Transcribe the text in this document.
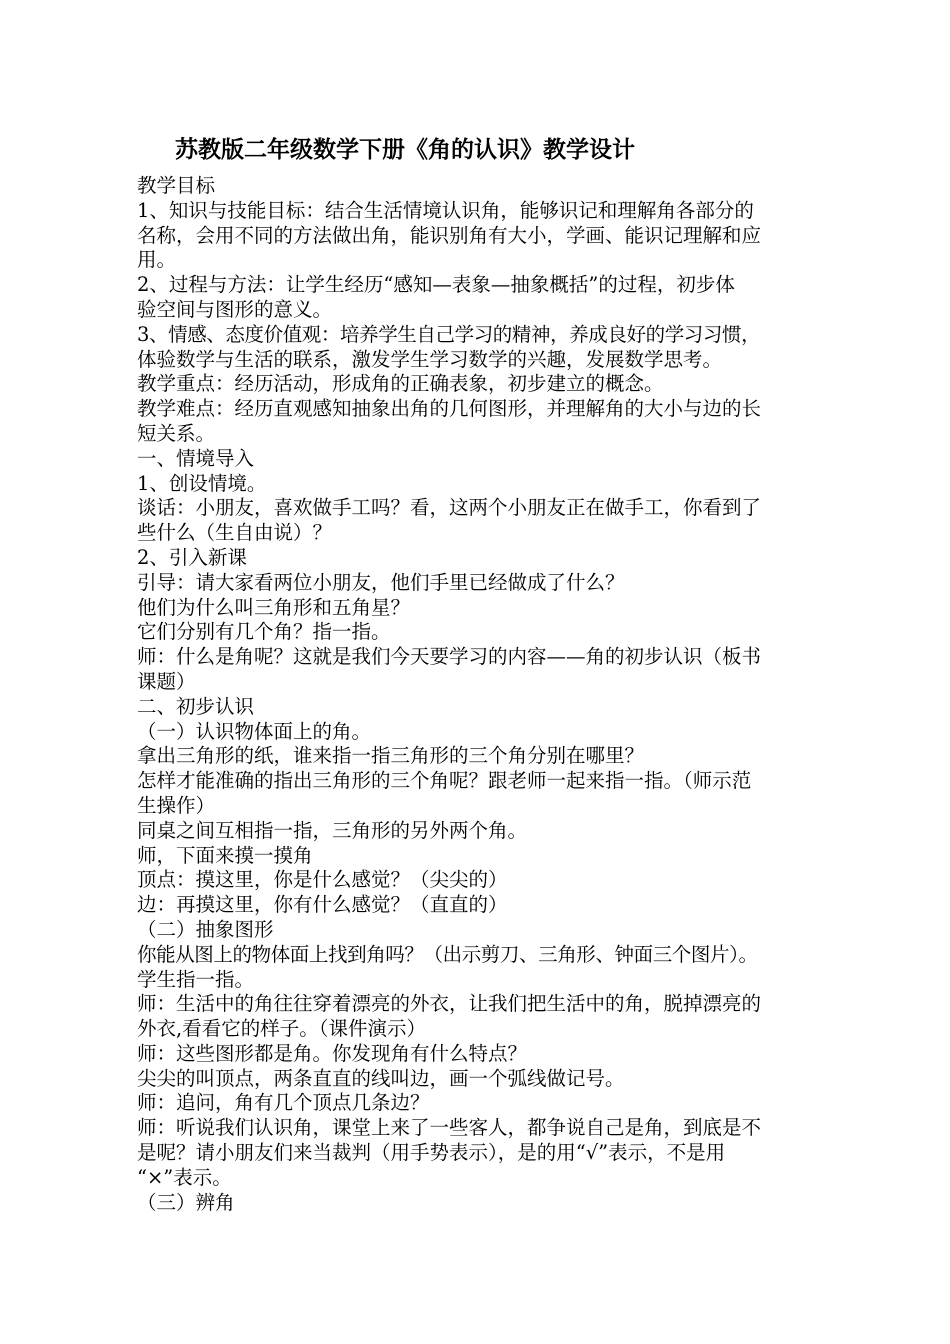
苏教版二年级数学下册《角的认识》教学设计
教学目标
1、知识与技能目标：结合生活情境认识角，能够识记和理解角各部分的
名称，会用不同的方法做出角，能识别角有大小，学画、能识记理解和应
用。
2、过程与方法：让学生经历“感知—表象—抽象概括”的过程，初步体
验空间与图形的意义。
3、情感、态度价值观：培养学生自己学习的精神，养成良好的学习习惯，
体验数学与生活的联系，激发学生学习数学的兴趣，发展数学思考。
教学重点：经历活动，形成角的正确表象，初步建立的概念。
教学难点：经历直观感知抽象出角的几何图形，并理解角的大小与边的长
短关系。
一、情境导入
1、创设情境。
谈话：小朋友，喜欢做手工吗？看，这两个小朋友正在做手工，你看到了
些什么（生自由说）？
2、引入新课
引导：请大家看两位小朋友，他们手里已经做成了什么？
他们为什么叫三角形和五角星？
它们分别有几个角？指一指。
师：什么是角呢？这就是我们今天要学习的内容——角的初步认识（板书
课题）
二、初步认识
（一）认识物体面上的角。
拿出三角形的纸，谁来指一指三角形的三个角分别在哪里？
怎样才能准确的指出三角形的三个角呢？跟老师一起来指一指。（师示范
生操作）
同桌之间互相指一指，三角形的另外两个角。
师，下面来摸一摸角
顶点：摸这里，你是什么感觉？（尖尖的）
边：再摸这里，你有什么感觉？（直直的）
（二）抽象图形
你能从图上的物体面上找到角吗？（出示剪刀、三角形、钟面三个图片）。
学生指一指。
师：生活中的角往往穿着漂亮的外衣，让我们把生活中的角，脱掉漂亮的
外衣,看看它的样子。（课件演示）
师：这些图形都是角。你发现角有什么特点？
尖尖的叫顶点，两条直直的线叫边，画一个弧线做记号。
师：追问，角有几个顶点几条边？
师：听说我们认识角，课堂上来了一些客人，都争说自己是角，到底是不
是呢？请小朋友们来当裁判（用手势表示），是的用“√”表示，不是用
“×”表示。
（三）辨角
